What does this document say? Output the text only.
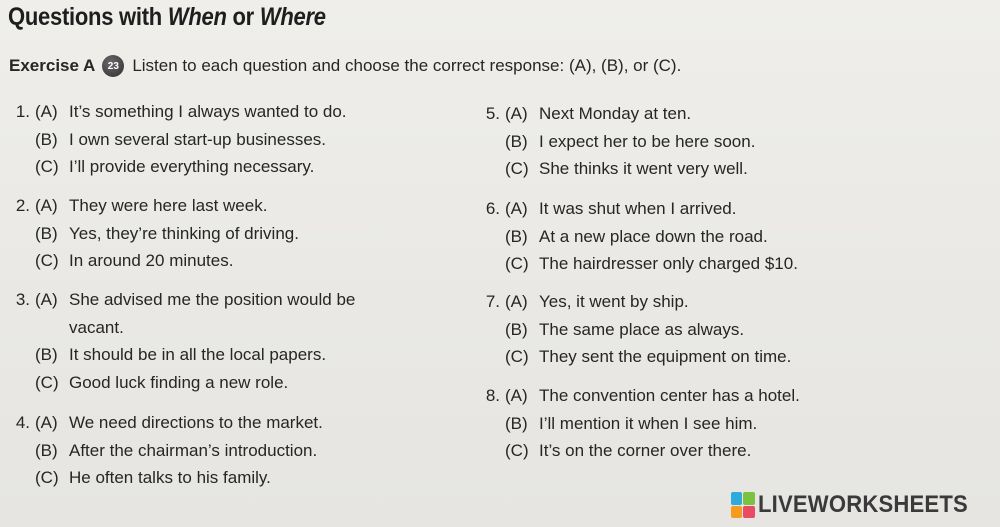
Questions with When or Where
Exercise A	23 Listen to each question and choose the correct response: (A), (B), or (C).
1. (A) It’s something I always wanted to do.
(B) I own several start-up businesses.
(C) I’ll provide everything necessary.
2. (A) They were here last week.
(B) Yes, they’re thinking of driving.
(C) In around 20 minutes.
3. (A) She advised me the position would be
vacant.
(B) It should be in all the local papers.
(C) Good luck finding a new role.
4. (A) We need directions to the market.
(B) After the chairman’s introduction.
(C) He often talks to his family.
5. (A) Next Monday at ten.
(B) I expect her to be here soon.
(C) She thinks it went very well.
6. (A) It was shut when I arrived.
(B) At a new place down the road.
(C) The hairdresser only charged $10.
7. (A) Yes, it went by ship.
(B) The same place as always.
(C) They sent the equipment on time.
8. (A) The convention center has a hotel.
(B) I’ll mention it when I see him.
(C) It’s on the corner over there.
LIVEWORKSHEETS
